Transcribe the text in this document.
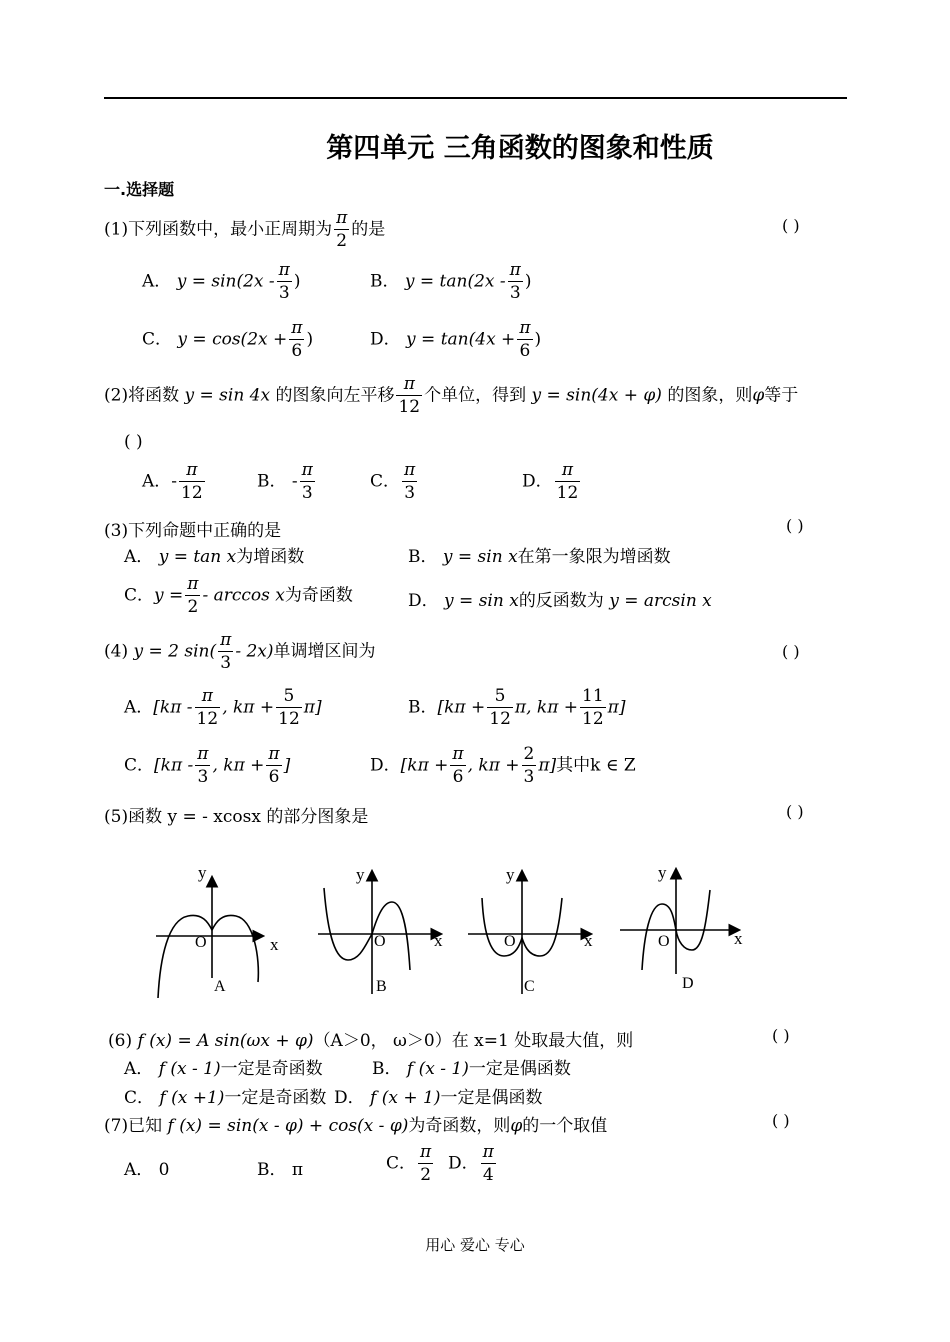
第四单元 三角函数的图象和性质
一.选择题
(1)下列函数中，最小正周期为 $\frac{\pi}{2}$ 的是	( )
A． $y = \sin(2x - \frac{\pi}{3}$ )	B． $y = \tan(2x - \frac{\pi}{3}$ )
C． $y = \cos(2x + \frac{\pi}{6}$ )	D． $y = \tan(4x + \frac{\pi}{6}$ )
(2)将函数 y = sin 4x 的图象向左平移 $\frac{\pi}{12}$ 个单位，得到 y = sin(4x + φ) 的图象，则φ等于
( )
A．- $\frac{\pi}{12}$	B． - $\frac{\pi}{3}$	C． $\frac{\pi}{3}$	D． $\frac{\pi}{12}$
(3)下列命题中正确的是	( )
A． y = tan x为增函数	B． y = sin x在第一象限为增函数
C．$y = \frac{\pi}{2} - \arccos x$为奇函数	D． y = sin x的反函数为 y = arcsin x
(4) y = 2 $\sin( \frac{\pi}{3} - 2x)$单调增区间为	( )
A．[$k\pi - \frac{\pi}{12}$ , $k\pi + \frac{5}{12} \pi$]	B．[$k\pi + \frac{5}{12} \pi$, $k\pi + \frac{11}{12} \pi$]
C．[$k\pi - \frac{\pi}{3}$ , $k\pi + \frac{\pi}{6}$ ]	D．[$k\pi + \frac{\pi}{6}$ , $k\pi + \frac{2}{3} \pi$]其中k ∈ Z
(5)函数 y = - xcosx 的部分图象是	( )
y
x
O
A
y
x
O
B
y
x
O
C
y
x
O
D
(6) f (x) = A sin(ωx + φ)（A＞0， ω＞0）在 x=1 处取最大值，则	( )
A． f (x - 1)一定是奇函数	B． f (x - 1)一定是偶函数
C． f (x +1)一定是奇函数 D． f (x + 1)一定是偶函数
(7)已知 f (x) = sin(x - φ) + cos(x - φ)为奇函数，则φ的一个取值	( )
A． 0	B． π	C． $\frac{\pi}{2}$ D． $\frac{\pi}{4}$
用心 爱心 专心
